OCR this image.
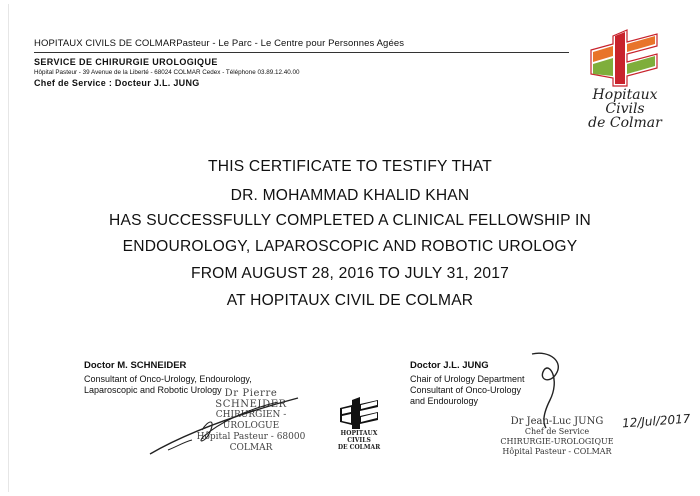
HOPITAUX CIVILS DE COLMARPasteur - Le Parc - Le Centre pour Personnes Agées
SERVICE DE CHIRURGIE UROLOGIQUE
Hôpital Pasteur - 39 Avenue de la Liberté - 68024 COLMAR Cedex - Téléphone 03.89.12.40.00
Chef de Service : Docteur J.L. JUNG
Hopitaux Civils
de Colmar
THIS CERTIFICATE TO TESTIFY THAT
DR. MOHAMMAD KHALID KHAN
HAS SUCCESSFULLY COMPLETED A CLINICAL FELLOWSHIP IN
ENDOUROLOGY, LAPAROSCOPIC AND ROBOTIC UROLOGY
FROM AUGUST 28, 2016 TO JULY 31, 2017
AT HOPITAUX CIVIL DE COLMAR
Doctor M. SCHNEIDER
Consultant of Onco-Urology, Endourology,
Laparoscopic and Robotic Urology Dr Pierre SCHNEIDER
CHIRURGIEN - UROLOGUE
Hôpital Pasteur - 68000 COLMAR
HOPITAUX CIVILS
DE COLMAR
Doctor J.L. JUNG
Chair of Urology Department
Consultant of Onco-Urology
and Endourology
Dr Jean-Luc JUNG
Chef de Service
CHIRURGIE-UROLOGIQUE
Hôpital Pasteur - COLMAR
12/Jul/2017
